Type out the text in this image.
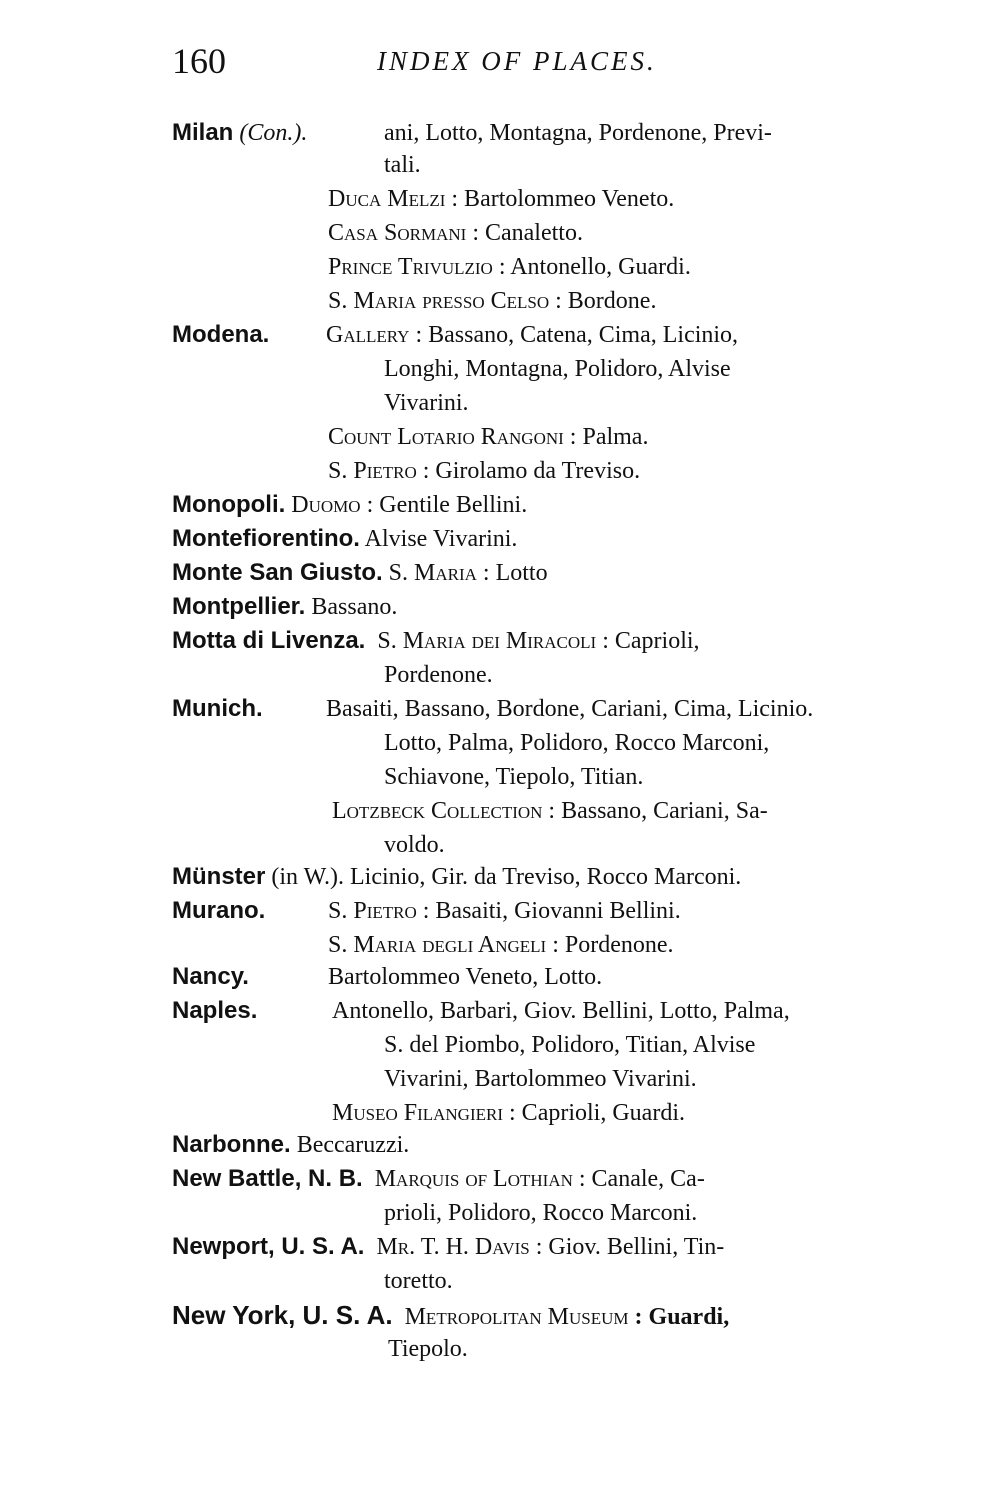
160	INDEX OF PLACES.
Milan (Con.).	ani, Lotto, Montagna, Pordenone, Previ-
tali.
Duca Melzi : Bartolommeo Veneto.
Casa Sormani : Canaletto.
Prince Trivulzio : Antonello, Guardi.
S. Maria presso Celso : Bordone.
Modena. Gallery : Bassano, Catena, Cima, Licinio,
Longhi, Montagna, Polidoro, Alvise
Vivarini.
Count Lotario Rangoni : Palma.
S. Pietro : Girolamo da Treviso.
Monopoli. Duomo : Gentile Bellini.
Montefiorentino. Alvise Vivarini.
Monte San Giusto. S. Maria : Lotto
Montpellier. Bassano.
Motta di Livenza. S. Maria dei Miracoli : Caprioli,
Pordenone.
Munich.	Basaiti, Bassano, Bordone, Cariani, Cima, Licinio.
Lotto, Palma, Polidoro, Rocco Marconi,
Schiavone, Tiepolo, Titian.
Lotzbeck Collection : Bassano, Cariani, Sa-
voldo.
Münster (in W.). Licinio, Gir. da Treviso, Rocco Marconi.
Murano.	S. Pietro : Basaiti, Giovanni Bellini.
S. Maria degli Angeli : Pordenone.
Nancy.	Bartolommeo Veneto, Lotto.
Naples.	Antonello, Barbari, Giov. Bellini, Lotto, Palma,
S. del Piombo, Polidoro, Titian, Alvise
Vivarini, Bartolommeo Vivarini.
Museo Filangieri : Caprioli, Guardi.
Narbonne. Beccaruzzi.
New Battle, N. B. Marquis of Lothian : Canale, Ca-
prioli, Polidoro, Rocco Marconi.
Newport, U. S. A. Mr. T. H. Davis : Giov. Bellini, Tin-
toretto.
New York, U. S. A. Metropolitan Museum : Guardi,
Tiepolo.
